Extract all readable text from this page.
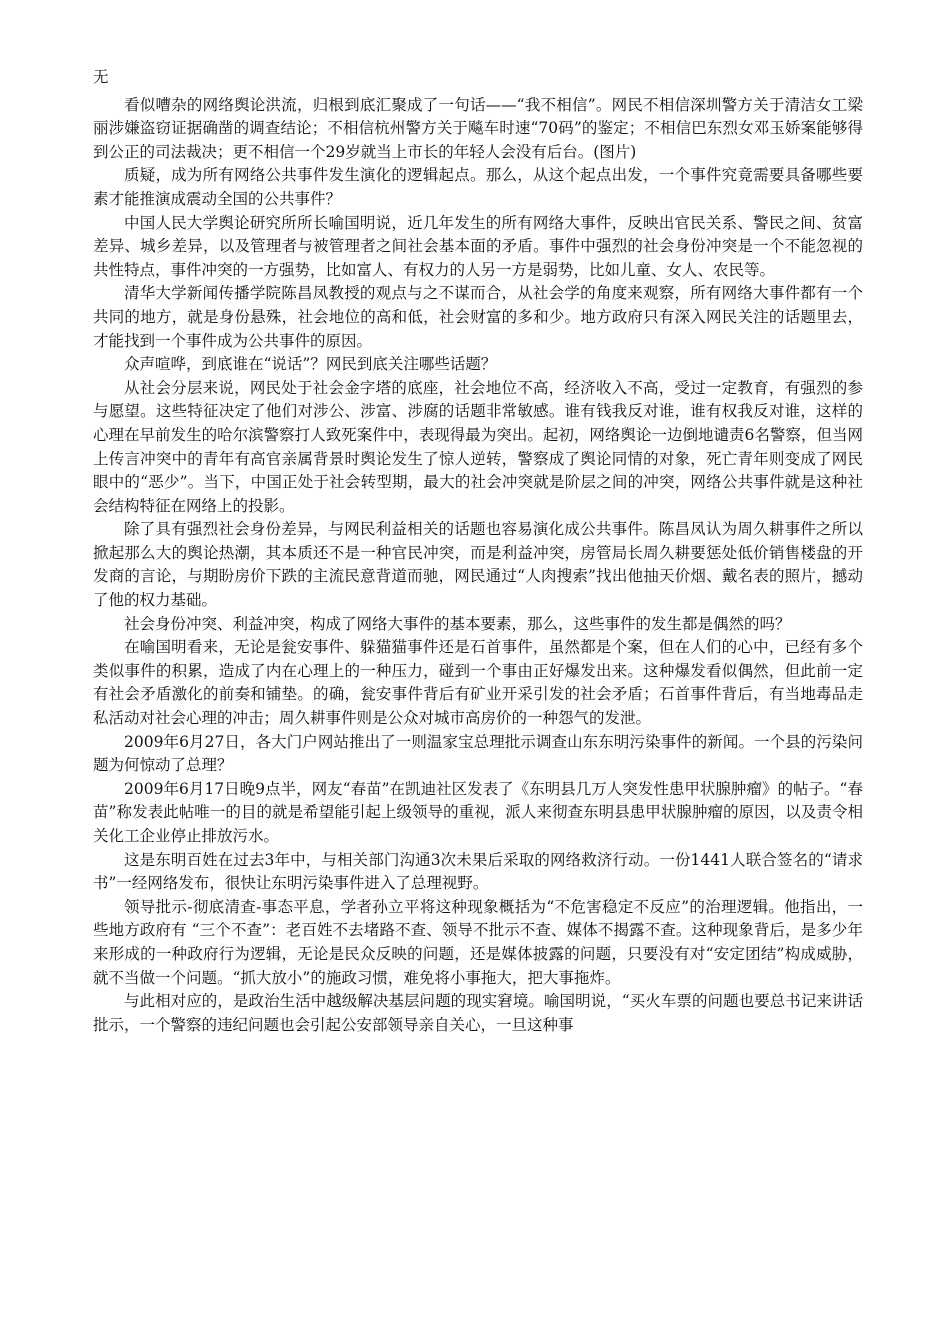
无

看似嘈杂的网络舆论洪流，归根到底汇聚成了一句话——“我不相信”。网民不相信深圳警方关于清洁女工梁丽涉嫌盗窃证据确凿的调查结论；不相信杭州警方关于飚车时速“70码”的鉴定；不相信巴东烈女邓玉娇案能够得到公正的司法裁决；更不相信一个29岁就当上市长的年轻人会没有后台。(图片)

质疑，成为所有网络公共事件发生演化的逻辑起点。那么，从这个起点出发，一个事件究竟需要具备哪些要素才能推演成震动全国的公共事件？

中国人民大学舆论研究所所长喻国明说，近几年发生的所有网络大事件，反映出官民关系、警民之间、贫富差异、城乡差异，以及管理者与被管理者之间社会基本面的矛盾。事件中强烈的社会身份冲突是一个不能忽视的共性特点，事件冲突的一方强势，比如富人、有权力的人另一方是弱势，比如儿童、女人、农民等。

清华大学新闻传播学院陈昌凤教授的观点与之不谋而合，从社会学的角度来观察，所有网络大事件都有一个共同的地方，就是身份悬殊，社会地位的高和低，社会财富的多和少。地方政府只有深入网民关注的话题里去，才能找到一个事件成为公共事件的原因。

众声喧哗，到底谁在“说话”？网民到底关注哪些话题？

从社会分层来说，网民处于社会金字塔的底座，社会地位不高，经济收入不高，受过一定教育，有强烈的参与愿望。这些特征决定了他们对涉公、涉富、涉腐的话题非常敏感。谁有钱我反对谁，谁有权我反对谁，这样的心理在早前发生的哈尔滨警察打人致死案件中，表现得最为突出。起初，网络舆论一边倒地谴责6名警察，但当网上传言冲突中的青年有高官亲属背景时舆论发生了惊人逆转，警察成了舆论同情的对象，死亡青年则变成了网民眼中的“恶少”。当下，中国正处于社会转型期，最大的社会冲突就是阶层之间的冲突，网络公共事件就是这种社会结构特征在网络上的投影。

除了具有强烈社会身份差异，与网民利益相关的话题也容易演化成公共事件。陈昌凤认为周久耕事件之所以掀起那么大的舆论热潮，其本质还不是一种官民冲突，而是利益冲突，房管局长周久耕要惩处低价销售楼盘的开发商的言论，与期盼房价下跌的主流民意背道而驰，网民通过“人肉搜索”找出他抽天价烟、戴名表的照片，撼动了他的权力基础。

社会身份冲突、利益冲突，构成了网络大事件的基本要素，那么，这些事件的发生都是偶然的吗？

在喻国明看来，无论是瓮安事件、躲猫猫事件还是石首事件，虽然都是个案，但在人们的心中，已经有多个类似事件的积累，造成了内在心理上的一种压力，碰到一个事由正好爆发出来。这种爆发看似偶然，但此前一定有社会矛盾激化的前奏和铺垫。的确，瓮安事件背后有矿业开采引发的社会矛盾；石首事件背后，有当地毒品走私活动对社会心理的冲击；周久耕事件则是公众对城市高房价的一种怨气的发泄。

2009年6月27日，各大门户网站推出了一则温家宝总理批示调查山东东明污染事件的新闻。一个县的污染问题为何惊动了总理？

2009年6月17日晚9点半，网友“春苗”在凯迪社区发表了《东明县几万人突发性患甲状腺肿瘤》的帖子。“春苗”称发表此帖唯一的目的就是希望能引起上级领导的重视，派人来彻查东明县患甲状腺肿瘤的原因，以及责令相关化工企业停止排放污水。

这是东明百姓在过去3年中，与相关部门沟通3次未果后采取的网络救济行动。一份1441人联合签名的“请求书”一经网络发布，很快让东明污染事件进入了总理视野。

领导批示-彻底清查-事态平息，学者孙立平将这种现象概括为“不危害稳定不反应”的治理逻辑。他指出，一些地方政府有 “三个不查”：老百姓不去堵路不查、领导不批示不查、媒体不揭露不查。这种现象背后，是多少年来形成的一种政府行为逻辑，无论是民众反映的问题，还是媒体披露的问题，只要没有对“安定团结”构成威胁，就不当做一个问题。“抓大放小”的施政习惯，难免将小事拖大，把大事拖炸。

与此相对应的，是政治生活中越级解决基层问题的现实窘境。喻国明说，“买火车票的问题也要总书记来讲话批示，一个警察的违纪问题也会引起公安部领导亲自关心，一旦这种事
